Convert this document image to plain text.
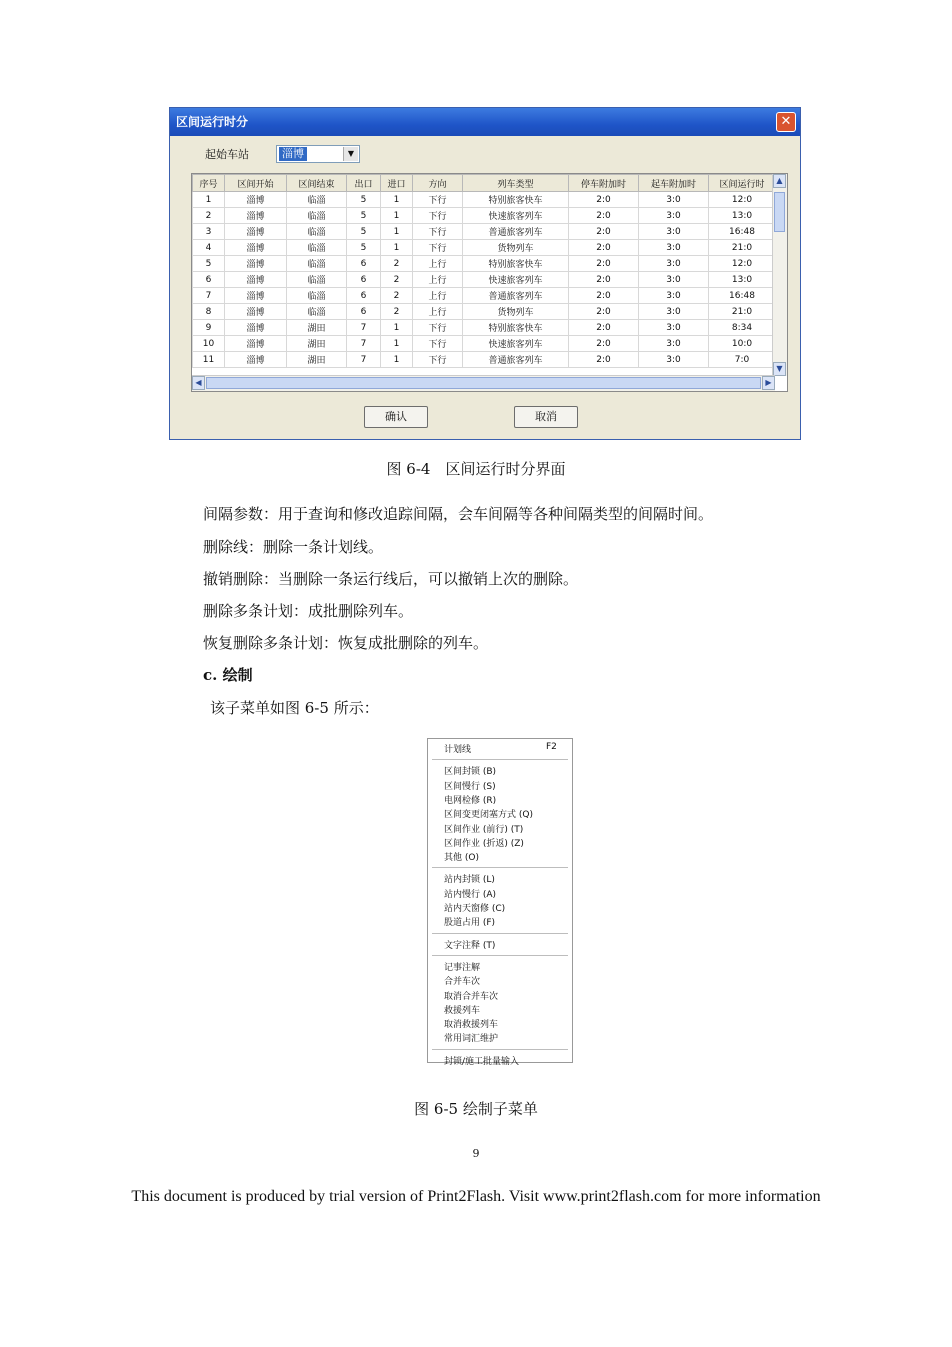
区间运行时分	✕
起始车站	淄博	▼
序号	区间开始	区间结束	出口	进口	方向	列车类型	停车附加时	起车附加时	区间运行时
1	淄博	临淄	5	1	下行	特别旅客快车	2:0	3:0	12:0
2	淄博	临淄	5	1	下行	快速旅客列车	2:0	3:0	13:0
3	淄博	临淄	5	1	下行	普通旅客列车	2:0	3:0	16:48
4	淄博	临淄	5	1	下行	货物列车	2:0	3:0	21:0
5	淄博	临淄	6	2	上行	特别旅客快车	2:0	3:0	12:0
6	淄博	临淄	6	2	上行	快速旅客列车	2:0	3:0	13:0
7	淄博	临淄	6	2	上行	普通旅客列车	2:0	3:0	16:48
8	淄博	临淄	6	2	上行	货物列车	2:0	3:0	21:0
9	淄博	湖田	7	1	下行	特别旅客快车	2:0	3:0	8:34
10	淄博	湖田	7	1	下行	快速旅客列车	2:0	3:0	10:0
11	淄博	湖田	7	1	下行	普通旅客列车	2:0	3:0	7:0
▲
▼
◀	▶
确认	取消
图 6-4　区间运行时分界面
间隔参数：用于查询和修改追踪间隔，会车间隔等各种间隔类型的间隔时间。
删除线：删除一条计划线。
撤销删除：当删除一条运行线后，可以撤销上次的删除。
删除多条计划：成批删除列车。
恢复删除多条计划：恢复成批删除的列车。
c. 绘制
该子菜单如图 6-5 所示：
计划线	F2
区间封锁 (B)
区间慢行 (S)
电网检修 (R)
区间变更闭塞方式 (Q)
区间作业 (前行) (T)
区间作业 (折返) (Z)
其他 (O)
站内封锁 (L)
站内慢行 (A)
站内天窗修 (C)
股道占用 (F)
文字注释 (T)
记事注解
合并车次
取消合并车次
救援列车
取消救援列车
常用词汇维护
封锁/施工批量输入
图 6-5 绘制子菜单
9
This document is produced by trial version of Print2Flash. Visit www.print2flash.com for more information
